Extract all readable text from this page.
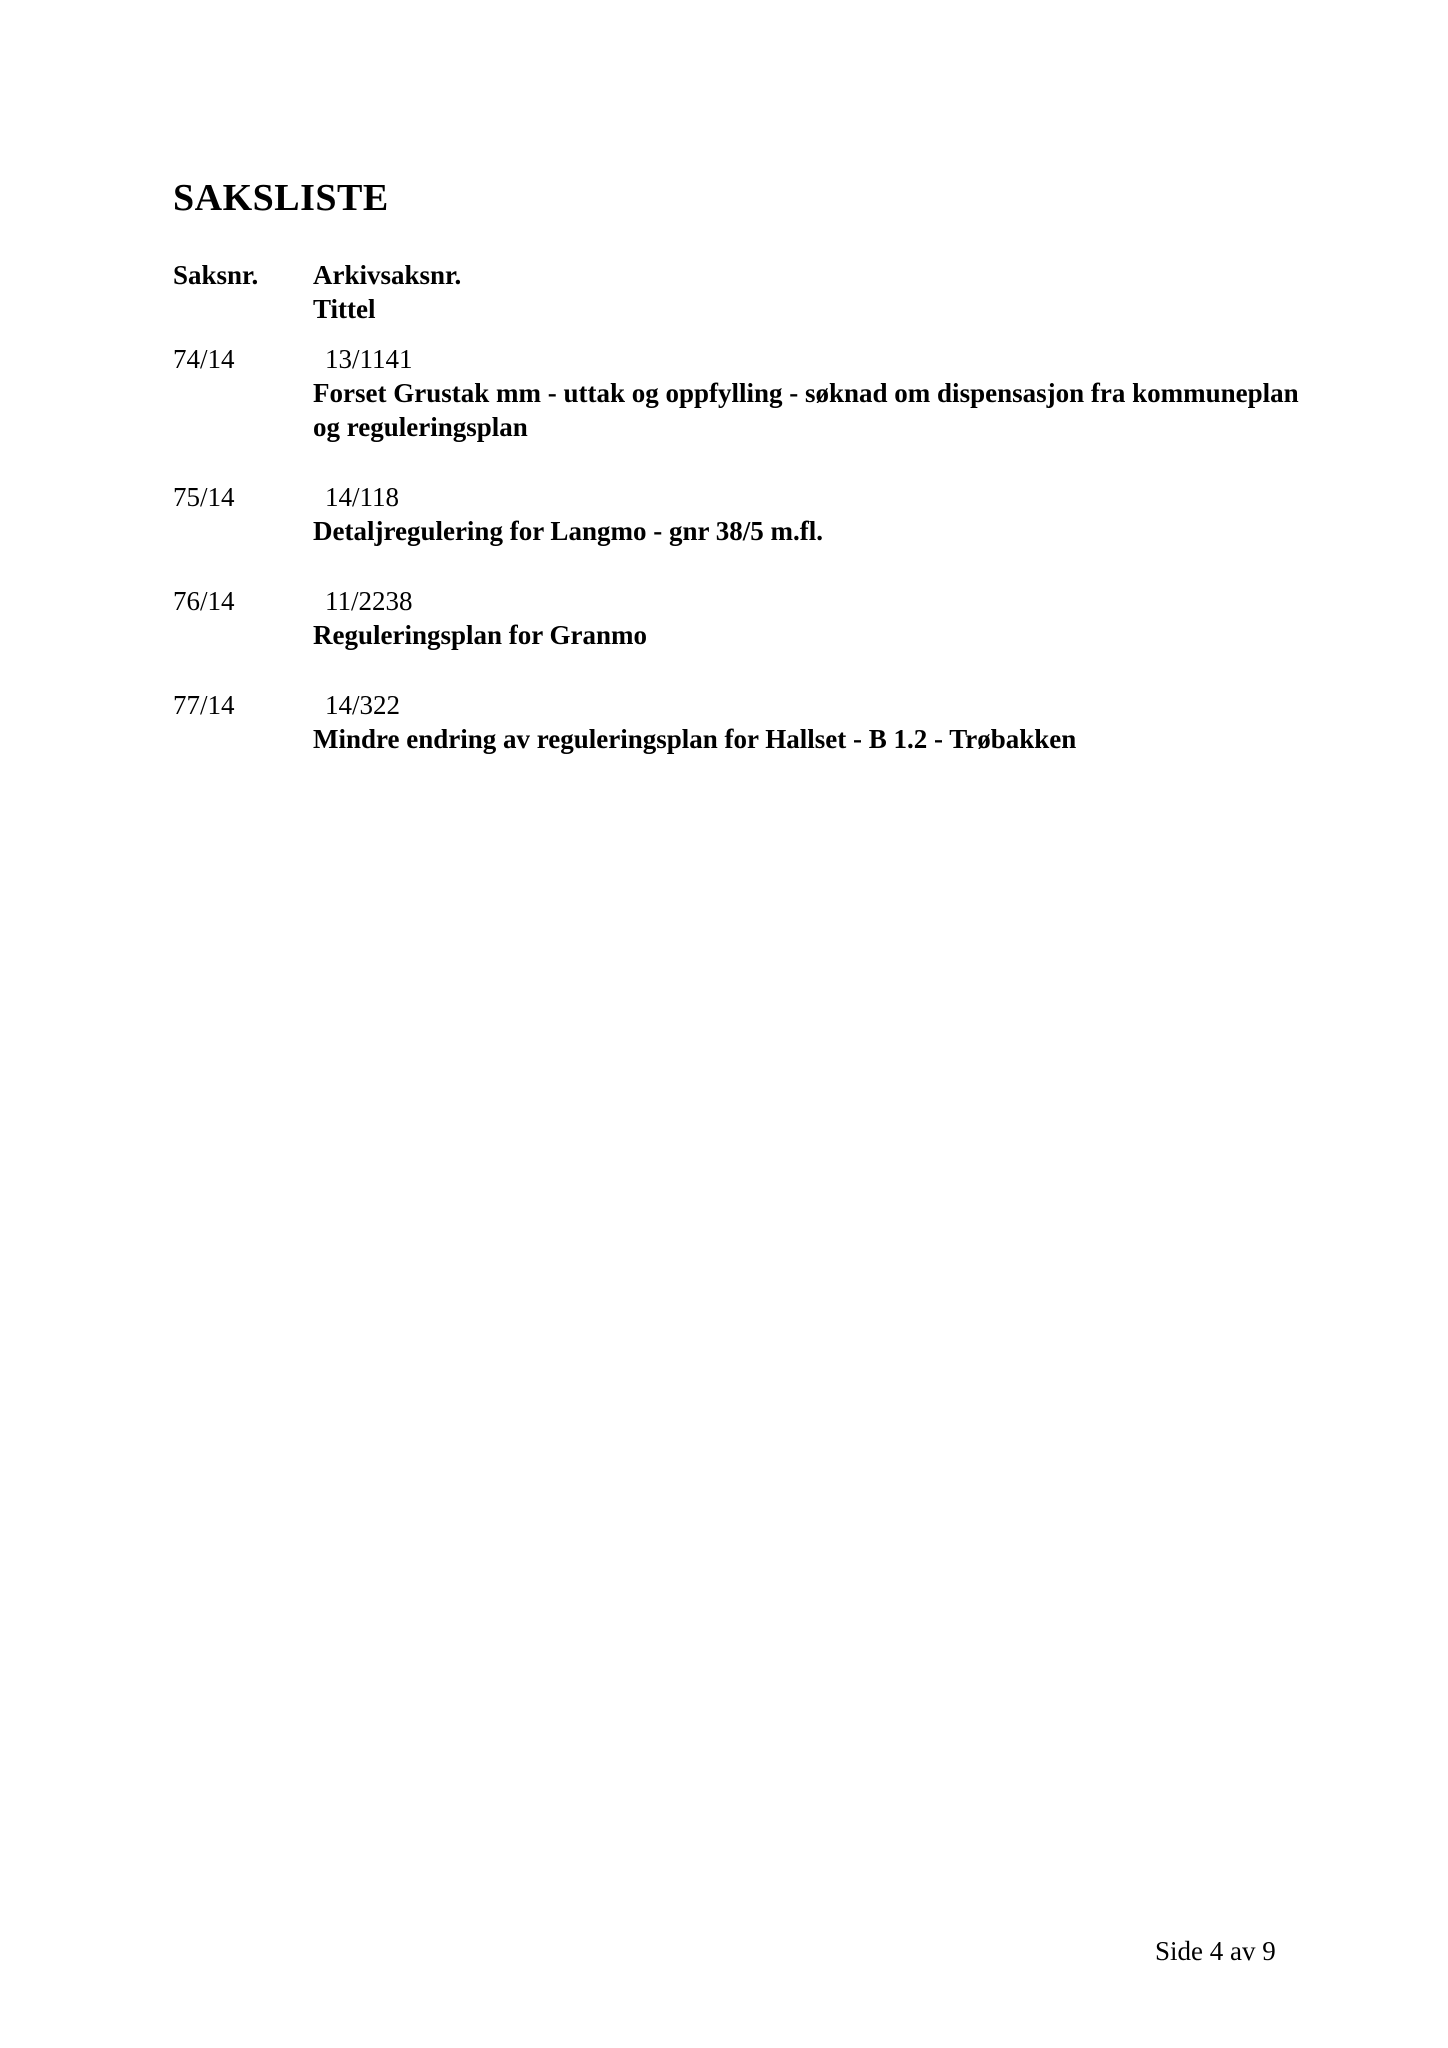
SAKSLISTE
Saksnr. Arkivsaksnr.
Tittel
74/14	13/1141
Forset Grustak mm - uttak og oppfylling - søknad om dispensasjon fra kommuneplan og reguleringsplan
75/14	14/118
Detaljregulering for Langmo - gnr 38/5 m.fl.
76/14	11/2238
Reguleringsplan for Granmo
77/14	14/322
Mindre endring av reguleringsplan for Hallset - B 1.2 - Trøbakken
Side 4 av 9
